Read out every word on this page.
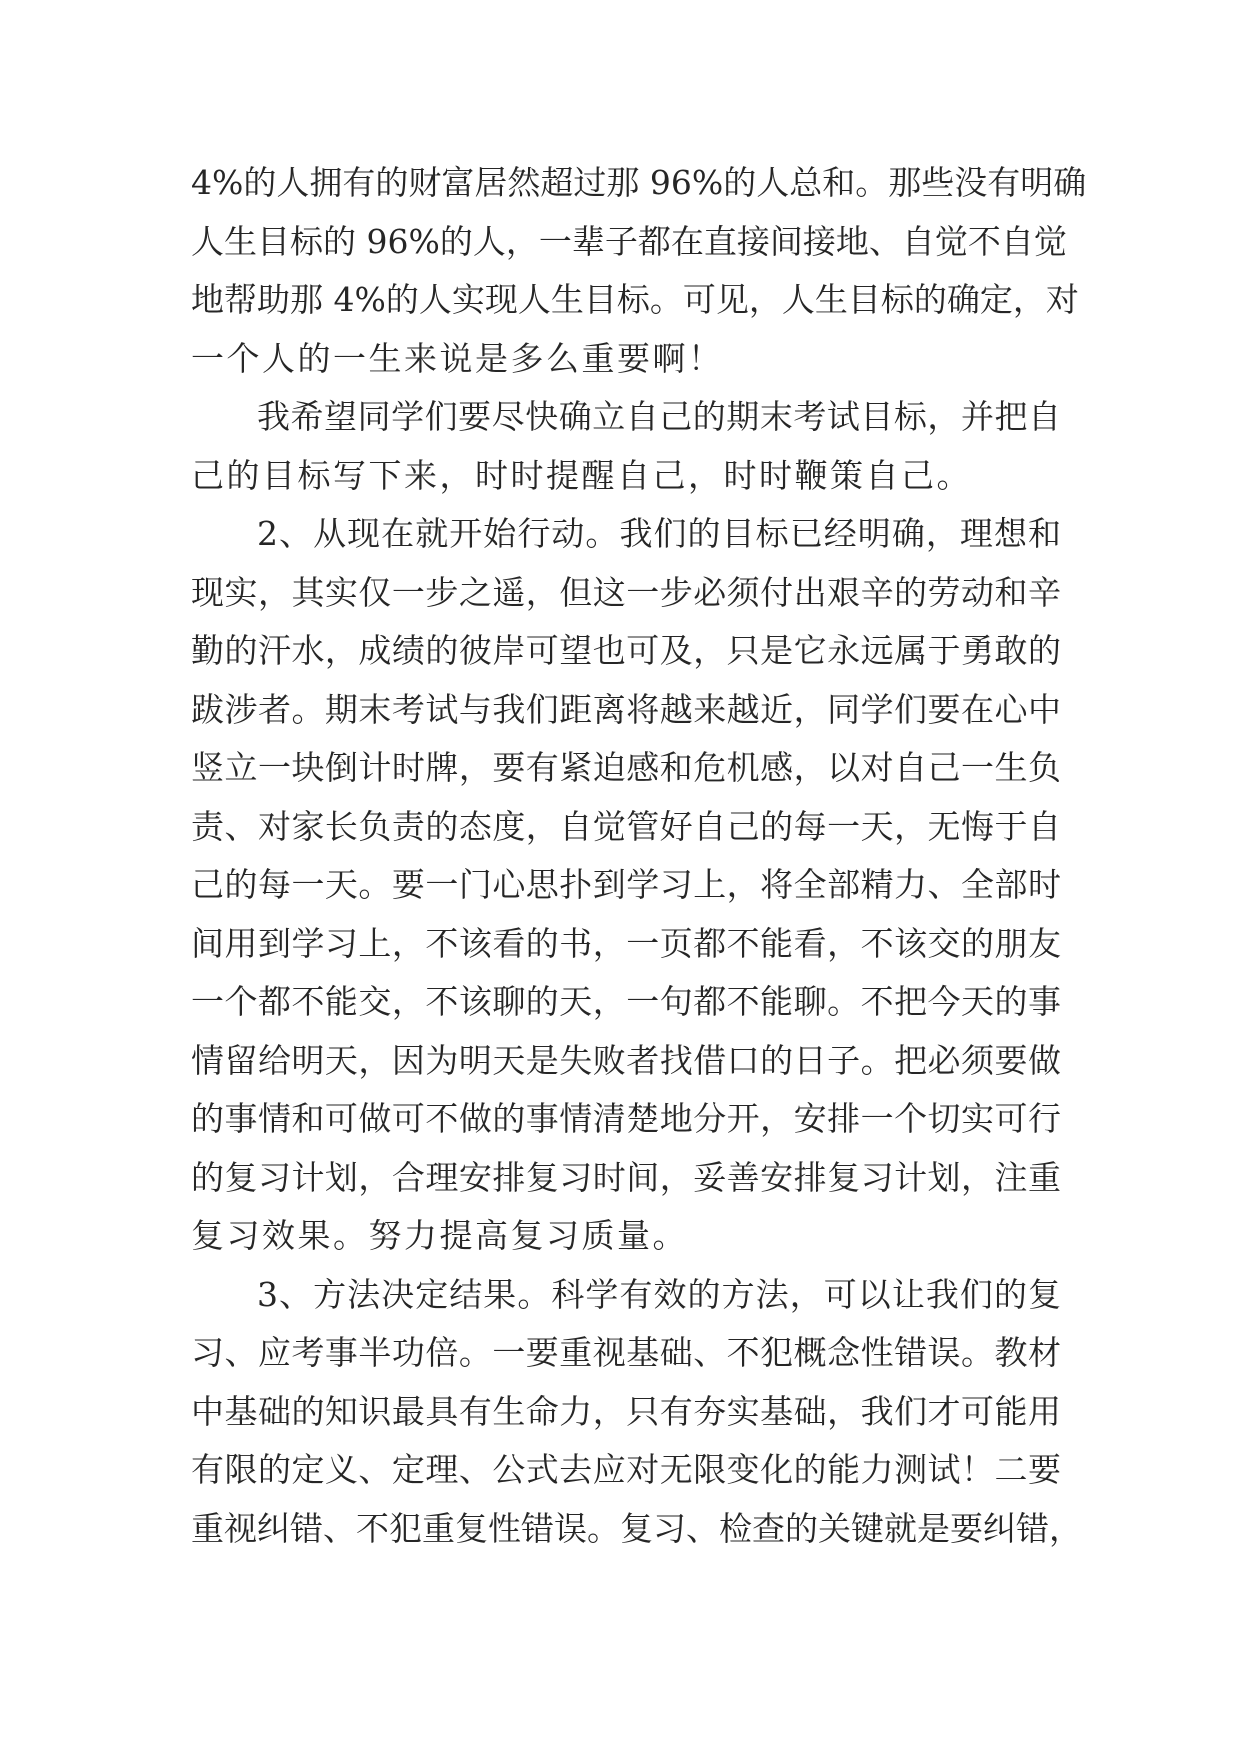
4%的人拥有的财富居然超过那 96%的人总和。那些没有明确
人生目标的 96%的人，一辈子都在直接间接地、自觉不自觉
地帮助那 4%的人实现人生目标。可见，人生目标的确定，对
一个人的一生来说是多么重要啊！
我希望同学们要尽快确立自己的期末考试目标，并把自
己的目标写下来，时时提醒自己，时时鞭策自己。
2、从现在就开始行动。我们的目标已经明确，理想和
现实，其实仅一步之遥，但这一步必须付出艰辛的劳动和辛
勤的汗水，成绩的彼岸可望也可及，只是它永远属于勇敢的
跋涉者。期末考试与我们距离将越来越近，同学们要在心中
竖立一块倒计时牌，要有紧迫感和危机感，以对自己一生负
责、对家长负责的态度，自觉管好自己的每一天，无悔于自
己的每一天。要一门心思扑到学习上，将全部精力、全部时
间用到学习上，不该看的书，一页都不能看，不该交的朋友
一个都不能交，不该聊的天，一句都不能聊。不把今天的事
情留给明天，因为明天是失败者找借口的日子。把必须要做
的事情和可做可不做的事情清楚地分开，安排一个切实可行
的复习计划，合理安排复习时间，妥善安排复习计划，注重
复习效果。努力提高复习质量。
3、方法决定结果。科学有效的方法，可以让我们的复
习、应考事半功倍。一要重视基础、不犯概念性错误。教材
中基础的知识最具有生命力，只有夯实基础，我们才可能用
有限的定义、定理、公式去应对无限变化的能力测试！二要
重视纠错、不犯重复性错误。复习、检查的关键就是要纠错，
